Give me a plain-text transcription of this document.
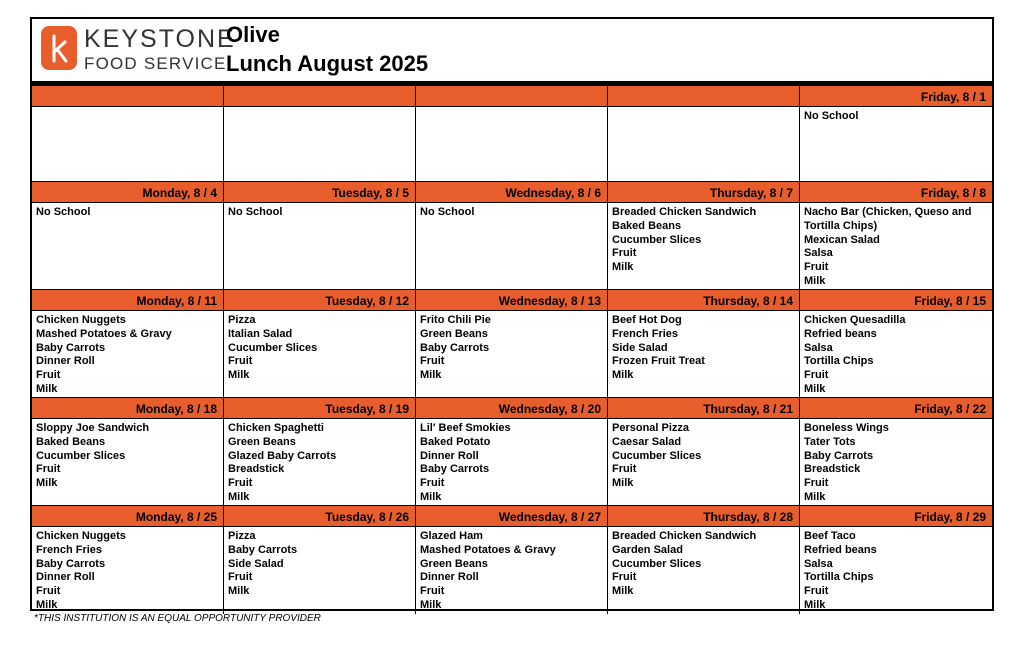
KEYSTONE
FOOD SERVICE
Olive
Lunch August 2025
Friday, 8 / 1
No School
Monday, 8 / 4
No School
Tuesday, 8 / 5
No School
Wednesday, 8 / 6
No School
Thursday, 8 / 7
Breaded Chicken Sandwich
Baked Beans
Cucumber Slices
Fruit
Milk
Friday, 8 / 8
Nacho Bar (Chicken, Queso and
Tortilla Chips)
Mexican Salad
Salsa
Fruit
Milk
Monday, 8 / 11
Chicken Nuggets
Mashed Potatoes & Gravy
Baby Carrots
Dinner Roll
Fruit
Milk
Tuesday, 8 / 12
Pizza
Italian Salad
Cucumber Slices
Fruit
Milk
Wednesday, 8 / 13
Frito Chili Pie
Green Beans
Baby Carrots
Fruit
Milk
Thursday, 8 / 14
Beef Hot Dog
French Fries
Side Salad
Frozen Fruit Treat
Milk
Friday, 8 / 15
Chicken Quesadilla
Refried beans
Salsa
Tortilla Chips
Fruit
Milk
Monday, 8 / 18
Sloppy Joe Sandwich
Baked Beans
Cucumber Slices
Fruit
Milk
Tuesday, 8 / 19
Chicken Spaghetti
Green Beans
Glazed Baby Carrots
Breadstick
Fruit
Milk
Wednesday, 8 / 20
Lil' Beef Smokies
Baked Potato
Dinner Roll
Baby Carrots
Fruit
Milk
Thursday, 8 / 21
Personal Pizza
Caesar Salad
Cucumber Slices
Fruit
Milk
Friday, 8 / 22
Boneless Wings
Tater Tots
Baby Carrots
Breadstick
Fruit
Milk
Monday, 8 / 25
Chicken Nuggets
French Fries
Baby Carrots
Dinner Roll
Fruit
Milk
Tuesday, 8 / 26
Pizza
Baby Carrots
Side Salad
Fruit
Milk
Wednesday, 8 / 27
Glazed Ham
Mashed Potatoes & Gravy
Green Beans
Dinner Roll
Fruit
Milk
Thursday, 8 / 28
Breaded Chicken Sandwich
Garden Salad
Cucumber Slices
Fruit
Milk
Friday, 8 / 29
Beef Taco
Refried beans
Salsa
Tortilla Chips
Fruit
Milk
*THIS INSTITUTION IS AN EQUAL OPPORTUNITY PROVIDER
